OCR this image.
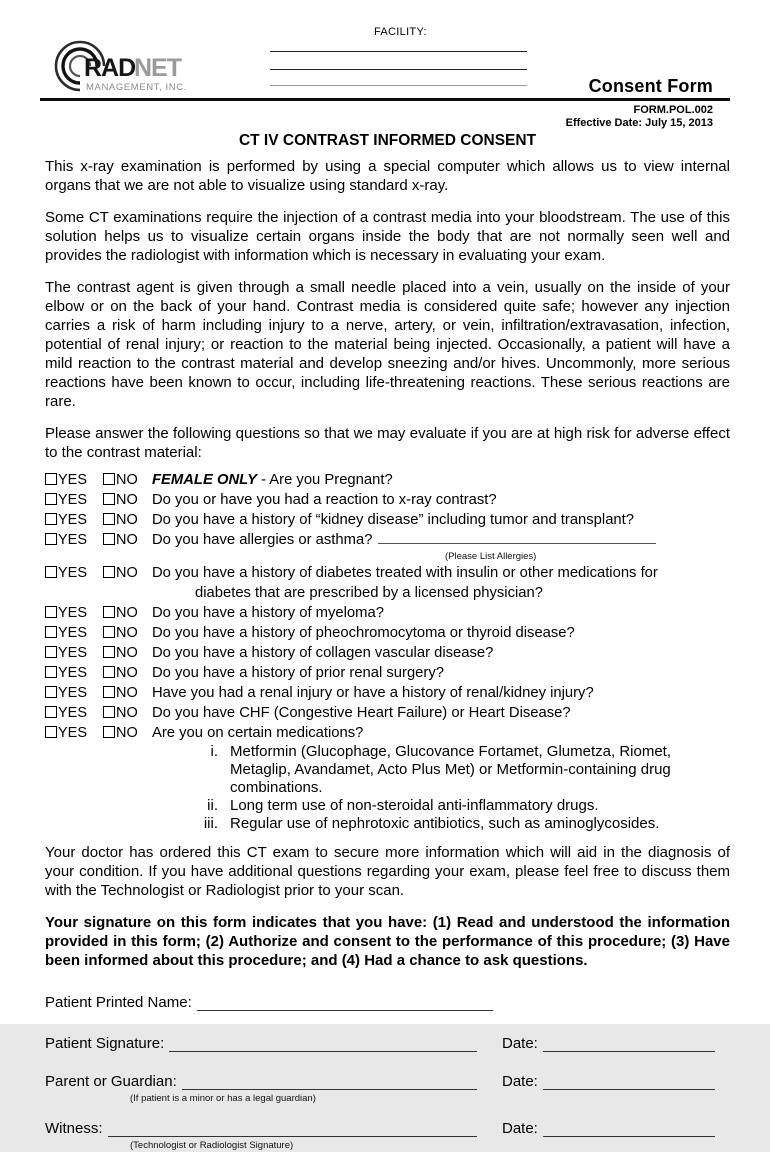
RAD
NET
MANAGEMENT, INC.
FACILITY:
Consent Form
FORM.POL.002
Effective Date: July 15, 2013
CT IV CONTRAST INFORMED CONSENT

This x-ray examination is performed by using a special computer which allows us to view internal organs that we are not able to visualize using standard x-ray.

Some CT examinations require the injection of a contrast media into your bloodstream. The use of this solution helps us to visualize certain organs inside the body that are not normally seen well and provides the radiologist with information which is necessary in evaluating your exam.

The contrast agent is given through a small needle placed into a vein, usually on the inside of your elbow or on the back of your hand. Contrast media is considered quite safe; however any injection carries a risk of harm including injury to a nerve, artery, or vein, infiltration/extravasation, infection, potential of renal injury; or reaction to the material being injected. Occasionally, a patient will have a mild reaction to the contrast material and develop sneezing and/or hives. Uncommonly, more serious reactions have been known to occur, including life-threatening reactions. These serious reactions are rare.

Please answer the following questions so that we may evaluate if you are at high risk for adverse effect to the contrast material:

YES NO FEMALE ONLY - Are you Pregnant?
YES NO Do you or have you had a reaction to x-ray contrast?
YES NO Do you have a history of “kidney disease” including tumor and transplant?
YES NO Do you have allergies or asthma?
(Please List Allergies)
YES NO Do you have a history of diabetes treated with insulin or other medications for
diabetes that are prescribed by a licensed physician?
YES NO Do you have a history of myeloma?
YES NO Do you have a history of pheochromocytoma or thyroid disease?
YES NO Do you have a history of collagen vascular disease?
YES NO Do you have a history of prior renal surgery?
YES NO Have you had a renal injury or have a history of renal/kidney injury?
YES NO Do you have CHF (Congestive Heart Failure) or Heart Disease?
YES NO Are you on certain medications?
i. Metformin (Glucophage, Glucovance Fortamet, Glumetza, Riomet, Metaglip, Avandamet, Acto Plus Met) or Metformin-containing drug combinations.
ii. Long term use of non-steroidal anti-inflammatory drugs.
iii. Regular use of nephrotoxic antibiotics, such as aminoglycosides.

Your doctor has ordered this CT exam to secure more information which will aid in the diagnosis of your condition. If you have additional questions regarding your exam, please feel free to discuss them with the Technologist or Radiologist prior to your scan.

Your signature on this form indicates that you have: (1) Read and understood the information provided in this form; (2) Authorize and consent to the performance of this procedure; (3) Have been informed about this procedure; and (4) Had a chance to ask questions.

Patient Printed Name:
Patient Signature:	Date:
Parent or Guardian:	Date:
(If patient is a minor or has a legal guardian)
Witness:	Date:
(Technologist or Radiologist Signature)
